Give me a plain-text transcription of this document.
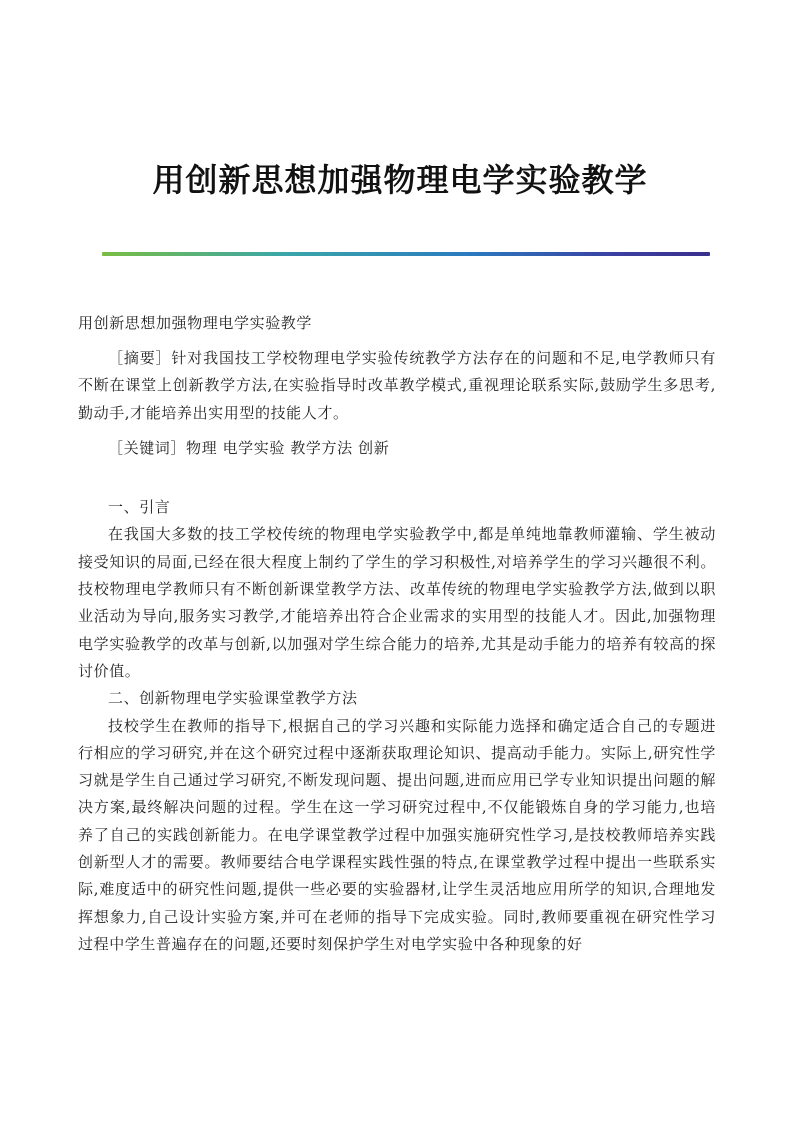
用创新思想加强物理电学实验教学

用创新思想加强物理电学实验教学

［摘要］针对我国技工学校物理电学实验传统教学方法存在的问题和不足,电学教师只有不断在课堂上创新教学方法,在实验指导时改革教学模式,重视理论联系实际,鼓励学生多思考,勤动手,才能培养出实用型的技能人才。

［关键词］物理 电学实验 教学方法 创新

一、引言

在我国大多数的技工学校传统的物理电学实验教学中,都是单纯地靠教师灌输、学生被动接受知识的局面,已经在很大程度上制约了学生的学习积极性,对培养学生的学习兴趣很不利。技校物理电学教师只有不断创新课堂教学方法、改革传统的物理电学实验教学方法,做到以职业活动为导向,服务实习教学,才能培养出符合企业需求的实用型的技能人才。因此,加强物理电学实验教学的改革与创新,以加强对学生综合能力的培养,尤其是动手能力的培养有较高的探讨价值。

二、创新物理电学实验课堂教学方法

技校学生在教师的指导下,根据自己的学习兴趣和实际能力选择和确定适合自己的专题进行相应的学习研究,并在这个研究过程中逐渐获取理论知识、提高动手能力。实际上,研究性学习就是学生自己通过学习研究,不断发现问题、提出问题,进而应用已学专业知识提出问题的解决方案,最终解决问题的过程。学生在这一学习研究过程中,不仅能锻炼自身的学习能力,也培养了自己的实践创新能力。在电学课堂教学过程中加强实施研究性学习,是技校教师培养实践创新型人才的需要。教师要结合电学课程实践性强的特点,在课堂教学过程中提出一些联系实际,难度适中的研究性问题,提供一些必要的实验器材,让学生灵活地应用所学的知识,合理地发挥想象力,自己设计实验方案,并可在老师的指导下完成实验。同时,教师要重视在研究性学习过程中学生普遍存在的问题,还要时刻保护学生对电学实验中各种现象的好
